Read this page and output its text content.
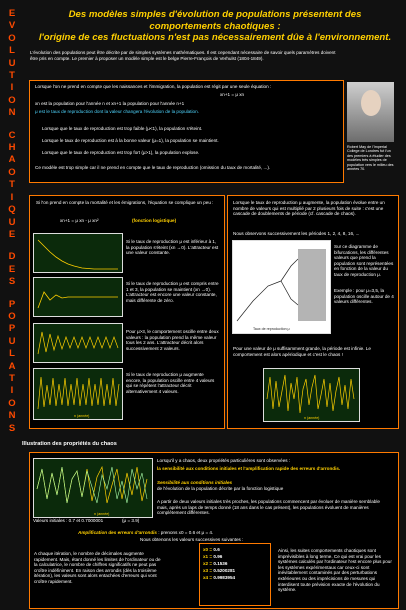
E
V
O
L
U
T
I
O
N
C
H
A
O
T
I
Q
U
E
D
E
S
P
O
P
U
L
A
T
I
O
N
S
Des modèles simples d'évolution de populations présentent des
comportements chaotiques :
l'origine de ces fluctuations n'est pas nécessairement dûe à l'environnement.
L'évolution des populations peut être décrite par de simples systèmes mathématiques. Il est cependant nécessaire de savoir quels paramètres doivent être pris en compte. Le premier à proposer un modèle simple est le belge Pierre-François de Verhulst (1804-1849).
Lorsque l'on ne prend en compte que les naissances et l'immigration, la population est régit par une seule équation :
xn+1 = μ xn
xn est la population pour l'année n et xn+1 la population pour l'année n+1
μ est le taux de reproduction dont la valeur changera l'évolution de la population.
Lorsque que le taux de reproduction est trop faible (μ<1), la population s'éteint.
Lorsque le taux de reproduction est à la bonne valeur (μ=1), la population se maintient.
Lorsque que le taux de reproduction est trop fort (μ>1), la population explose.
Ce modèle est trop simple car il ne prend en compte que le taux de reproduction (omission du taux de mortalité, ...).
Robert May de l'Imperial College de Londres fut l'un des premiers à étudier des modèles très simples de population vers le milieu des années 70.
Si l'on prend en compte la mortalité et les émigrations, l'équation se complique un peu :
xn+1 = μ xn - μ xn²	(fonction logistique)
Si le taux de reproduction μ est inférieur à 1, la population s'éteint (xn →0). L'attracteur est une valeur constante.
Si le taux de reproduction μ est compris entre 1 et 3, la population se maintient (xn →0). L'attracteur est encore une valeur constante, mais différente de zéro.
Pour μ>3, le comportement oscille entre deux valeurs : la population prend la même valeur tous les 2 ans. L'attracteur décrit alors successivement 2 valeurs.
n (année)
Si le taux de reproduction μ augmente encore, la population oscille entre 4 valeurs qui se répètent l'attracteur décrit alternativement 4 valeurs.
Lorsque le taux de reproduction μ augmente, la population évolue entre un nombre de valeurs qui est multiplié par 2 plusieurs fois de suite : c'est une cascade de doublements de période (cf. cascade de chaos).
Nous observons successivement les périodes 1, 2, 4, 8, 16, ...
Taux de reproduction μ
Sur ce diagramme de bifurcations, les différentes valeurs que prend la population sont représentées en fonction de la valeur du taux de reproduction μ.
Exemple : pour μ=3,5, la population oscille autour de 4 valeurs différentes.
Pour une valeur de μ suffisamment grande, la période est infinie. Le comportement est alors apériodique et c'est le chaos !
n (année)
Illustration des propriétés du chaos
n (année)
Valeurs initiales : 0.7 et 0.7000001	(μ = 3.9)
Lorsqu'il y a chaos, deux propriétés particulières sont observées :
la sensibilité aux conditions initiales et l'amplification rapide des erreurs d'arrondis.
Sensibilité aux conditions initiales
de l'évolution de la population décrite par la fonction logistique
A partir de deux valeurs initiales très proches, les populations commencent par évoluer de manière semblable mais, après un laps de temps donné (18 ans dans le cas présent), les populations évoluent de manières complètement différentes.
Amplification des erreurs d'arrondis : prenons x0 = 0.6 et μ = 4.
Nous obtenons les valeurs successives suivantes :
A chaque itération, le nombre de décimales augmente rapidement. Mais, étant donné les limites de l'ordinateur ou de la calculatrice, le nombre de chiffres significatifs ne peut pas croître indéfiniment. En raison des arrondis (dès la troisième itération), les valeurs sont alors entachées d'erreurs qui vont croître rapidement.
Ainsi, les suites comportements chaotiques sont imprévisibles à long terme. Ce qui est vrai pour les systèmes calculés par l'ordinateur l'est encore plus pour les systèmes expérimentaux car ceux-ci sont inévitablement contaminés par des perturbations extérieures ou des imprécisions de mesures qui interdisent toute prévision exacte de l'évolution du système.
x0 = 0.6
x1 = 0.96
x2 = 0.1536
x3 = 0.5200281
x4 = 0.9983954
